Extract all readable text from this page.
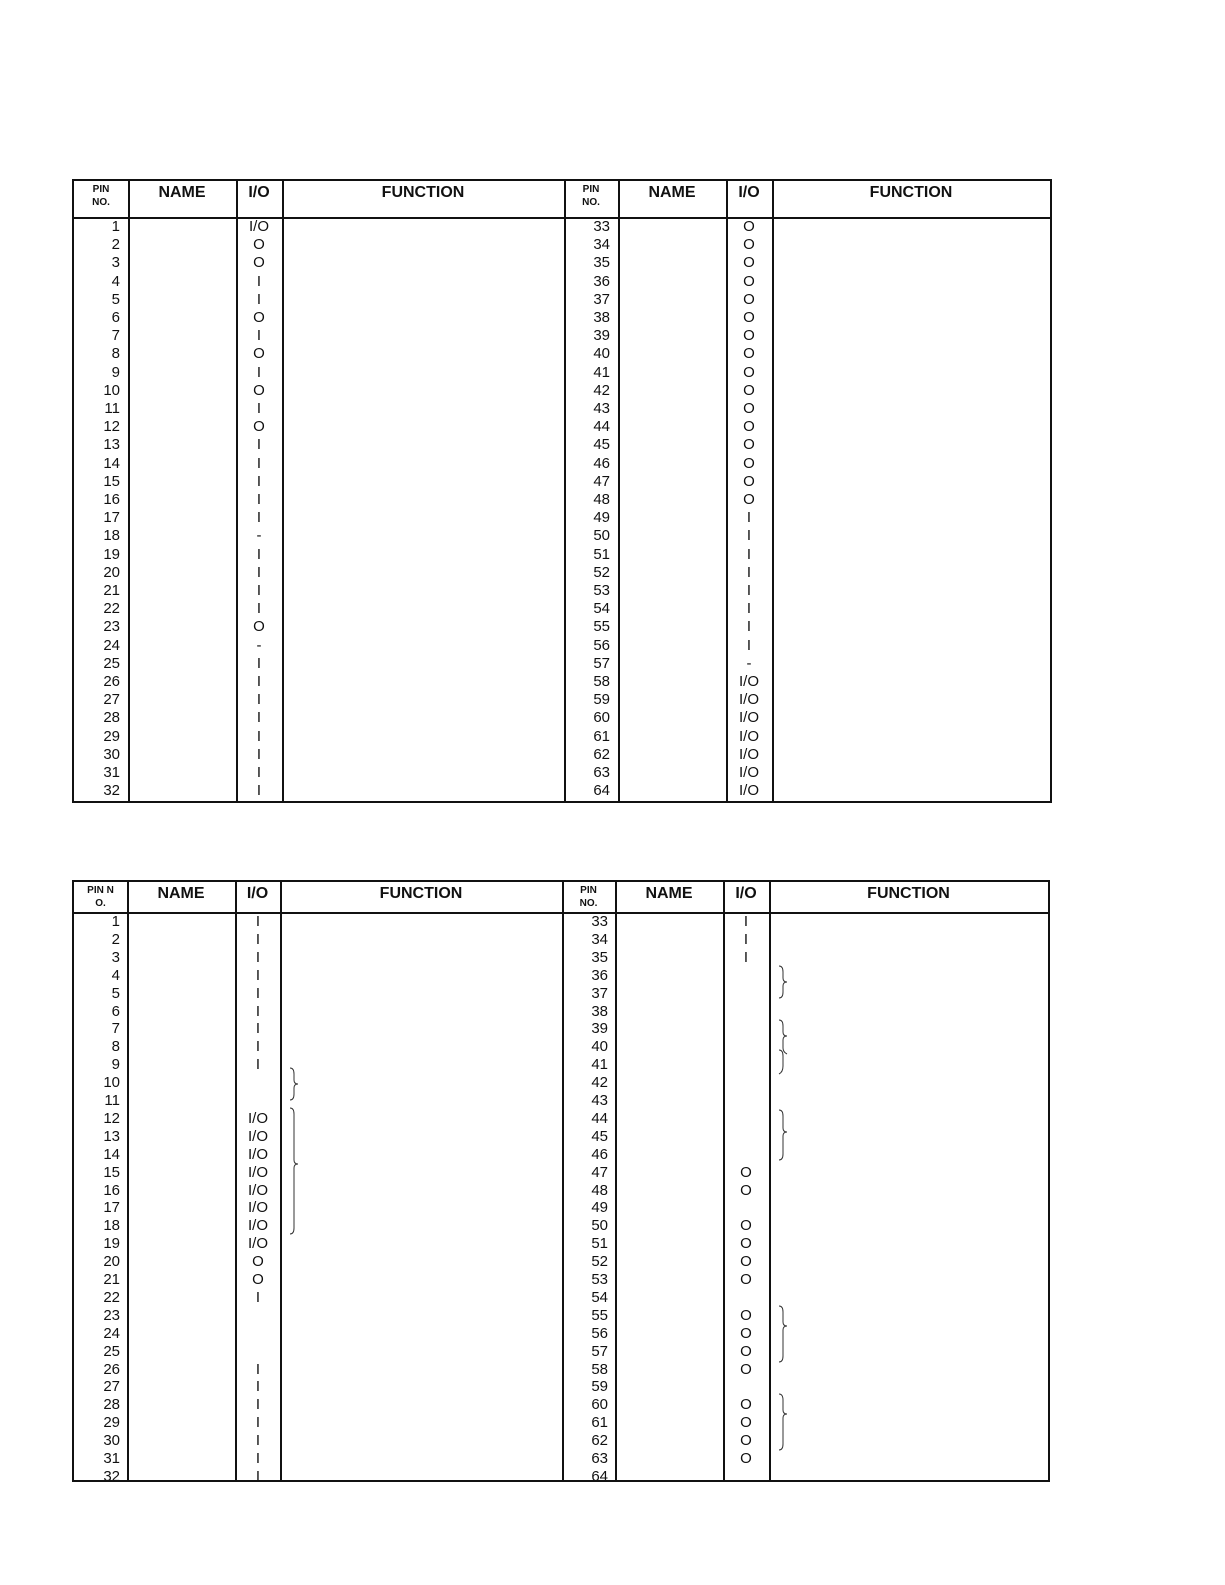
PIN
NO.
NAME	I/O	FUNCTION	PIN
NO.
NAME	I/O	FUNCTION
1	I/O	33	O
2	O	34	O
3	O	35	O
4	I	36	O
5	I	37	O
6	O	38	O
7	I	39	O
8	O	40	O
9	I	41	O
10	O	42	O
11	I	43	O
12	O	44	O
13	I	45	O
14	I	46	O
15	I	47	O
16	I	48	O
17	I	49	I
18	-	50	I
19	I	51	I
20	I	52	I
21	I	53	I
22	I	54	I
23	O	55	I
24	-	56	I
25	I	57	-
26	I	58	I/O
27	I	59	I/O
28	I	60	I/O
29	I	61	I/O
30	I	62	I/O
31	I	63	I/O
32	I	64	I/O
PIN N
O.
NAME	I/O	FUNCTION	PIN
NO.
NAME	I/O	FUNCTION
1	I	33	I
2	I	34	I
3	I	35	I
4	I	36
5	I	37
6	I	38
7	I	39
8	I	40
9	I	41
10	42
11	43
12	I/O	44
13	I/O	45
14	I/O	46
15	I/O	47	O
16	I/O	48	O
17	I/O	49
18	I/O	50	O
19	I/O	51	O
20	O	52	O
21	O	53	O
22	I	54
23	55	O
24	56	O
25	57	O
26	I	58	O
27	I	59
28	I	60	O
29	I	61	O
30	I	62	O
31	I	63	O
32	I	64
